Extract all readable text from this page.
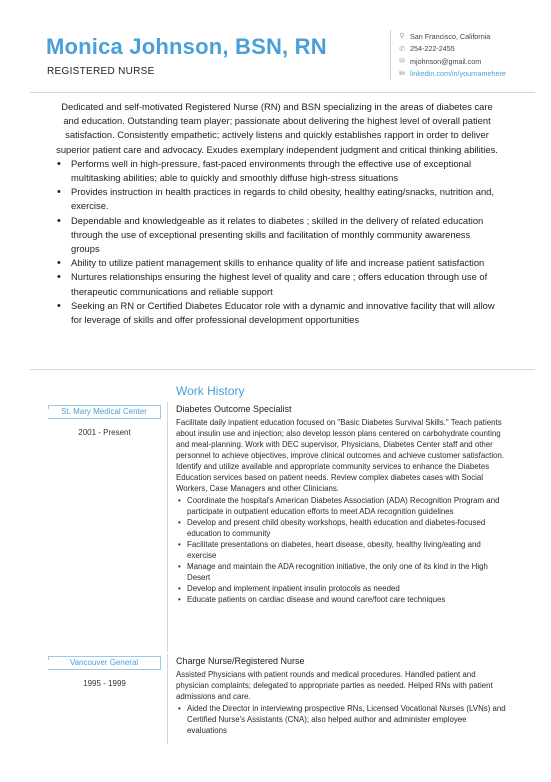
Monica Johnson, BSN, RN
REGISTERED NURSE
⚲ San Francisco, California
✆ 254-222-2455
✉ mjohnson@gmail.com
in linkedin.com/in/yournamehere

Dedicated and self-motivated Registered Nurse (RN) and BSN specializing in the areas of diabetes care and education. Outstanding team player; passionate about delivering the highest level of overall patient satisfaction. Consistently empathetic; actively listens and quickly establishes rapport in order to deliver superior patient care and advocacy. Exudes exemplary independent judgment and critical thinking abilities.

• Performs well in high-pressure, fast-paced environments through the effective use of exceptional multitasking abilities; able to quickly and smoothly diffuse high-stress situations
• Provides instruction in health practices in regards to child obesity, healthy eating/snacks, nutrition and, exercise.
• Dependable and knowledgeable as it relates to diabetes ; skilled in the delivery of related education through the use of exceptional presenting skills and facilitation of monthly community awareness groups
• Ability to utilize patient management skills to enhance quality of life and increase patient satisfaction
• Nurtures relationships ensuring the highest level of quality and care ; offers education through use of therapeutic communications and reliable support
• Seeking an RN or Certified Diabetes Educator role with a dynamic and innovative facility that will allow for leverage of skills and offer professional development opportunities
Work History
St. Mary Medical Center
2001 - Present
Diabetes Outcome Specialist

Facilitate daily inpatient education focused on "Basic Diabetes Survival Skills." Teach patients about insulin use and injection; also develop lesson plans centered on carbohydrate counting and meal-planning. Work with DEC supervisor, Physicians, Diabetes Center staff and other personnel to achieve objectives, improve clinical outcomes and achieve customer satisfaction. Identify and utilize available and appropriate community services to enhance the Diabetes Education services based on patient needs. Review complex diabetes cases with Social Workers, Case Managers and other Clinicians.

• Coordinate the hospital's American Diabetes Association (ADA) Recognition Program and participate in outpatient education efforts to meet ADA recognition guidelines
• Develop and present child obesity workshops, health education and diabetes-focused education to community
• Facilitate presentations on diabetes, heart disease, obesity, healthy living/eating and exercise
• Manage and maintain the ADA recognition initiative, the only one of its kind in the High Desert
• Develop and implement inpatient insulin protocols as needed
• Educate patients on cardiac disease and wound care/foot care techniques
Vancouver General
1995 - 1999
Charge Nurse/Registered Nurse

Assisted Physicians with patient rounds and medical procedures. Handled patient and physician complaints; delegated to appropriate parties as needed. Helped RNs with patient admissions and care.

• Aided the Director in interviewing prospective RNs, Licensed Vocational Nurses (LVNs) and Certified Nurse's Assistants (CNA); also helped author and administer employee evaluations
